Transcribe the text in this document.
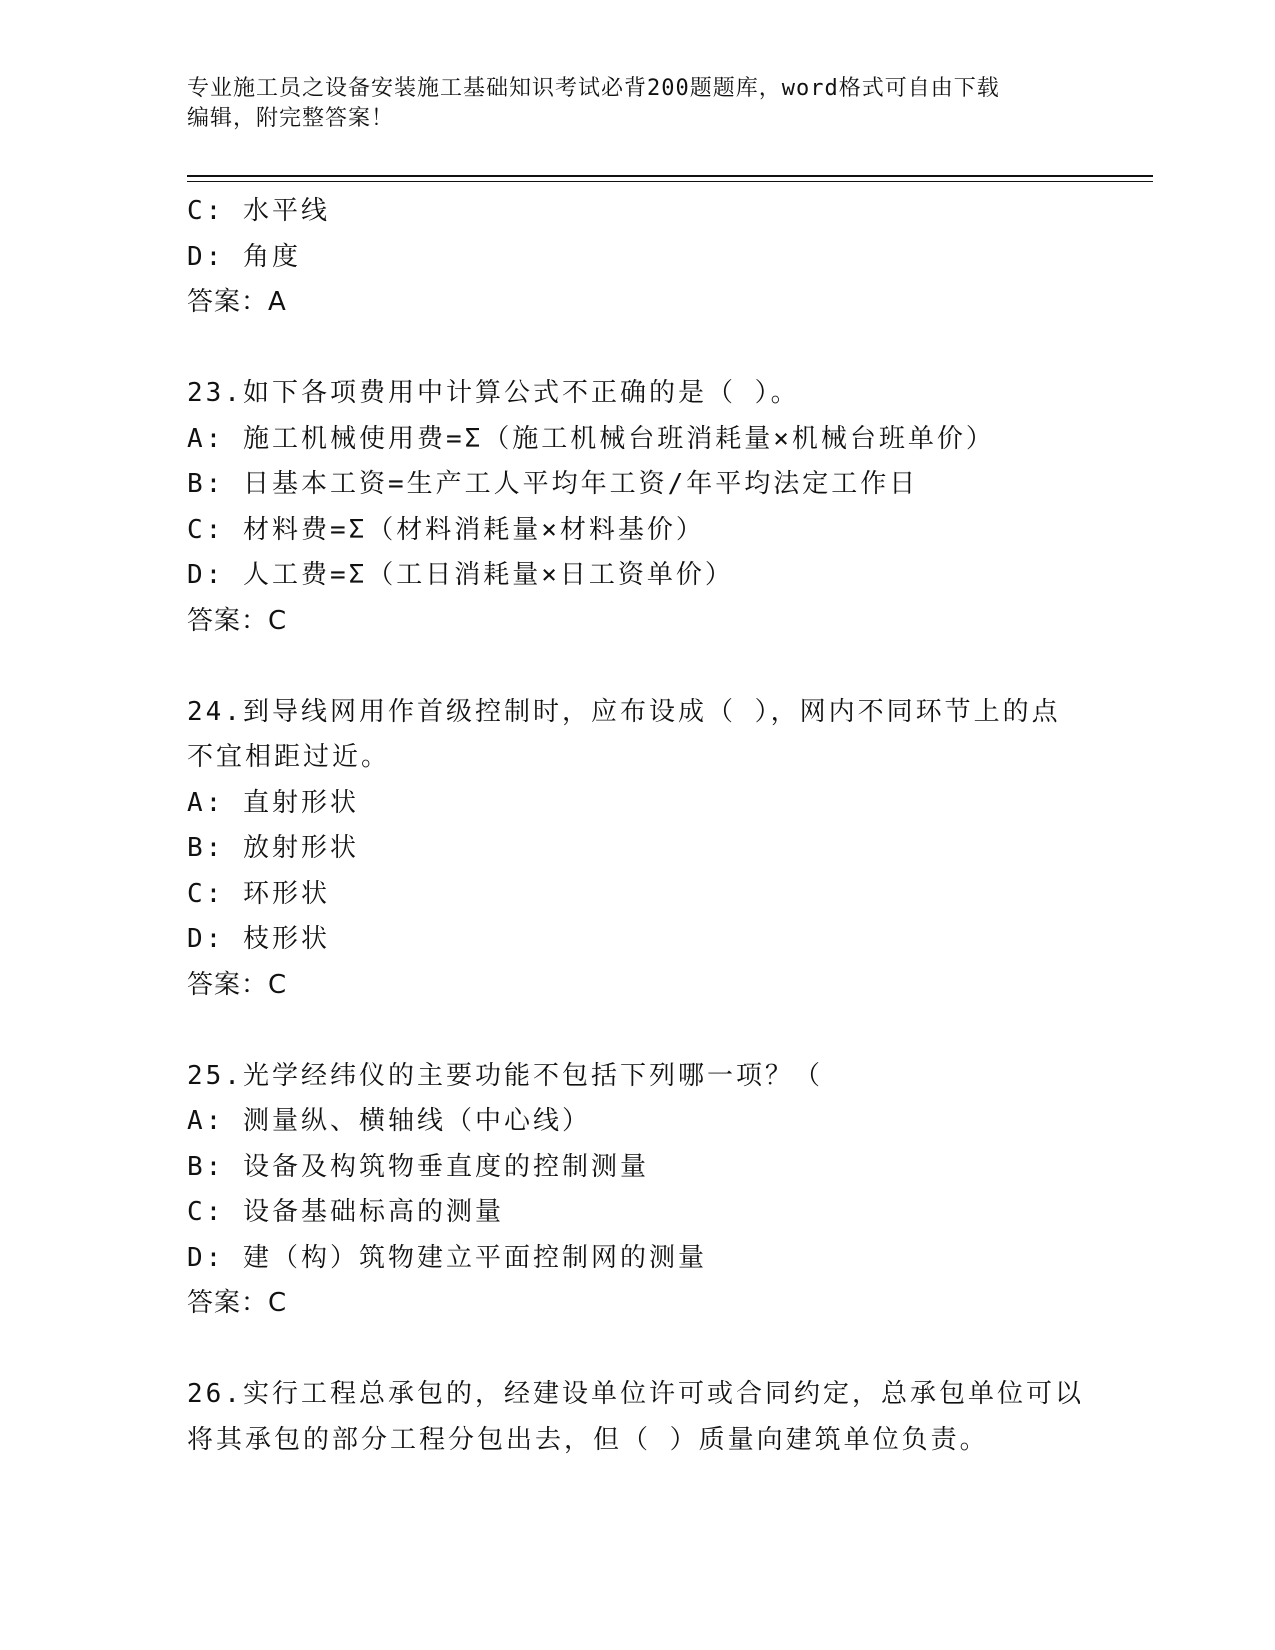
专业施工员之设备安装施工基础知识考试必背200题题库，word格式可自由下载
编辑，附完整答案！
C: 水平线
D: 角度
答案：A
23.如下各项费用中计算公式不正确的是（ ）。
A: 施工机械使用费=Σ（施工机械台班消耗量×机械台班单价）
B: 日基本工资=生产工人平均年工资/年平均法定工作日
C: 材料费=Σ（材料消耗量×材料基价）
D: 人工费=Σ（工日消耗量×日工资单价）
答案：C
24.到导线网用作首级控制时，应布设成（ ），网内不同环节上的点
不宜相距过近。
A: 直射形状
B: 放射形状
C: 环形状
D: 枝形状
答案：C
25.光学经纬仪的主要功能不包括下列哪一项？（
A: 测量纵、横轴线（中心线）
B: 设备及构筑物垂直度的控制测量
C: 设备基础标高的测量
D: 建（构）筑物建立平面控制网的测量
答案：C
26.实行工程总承包的，经建设单位许可或合同约定，总承包单位可以
将其承包的部分工程分包出去，但（ ）质量向建筑单位负责。
